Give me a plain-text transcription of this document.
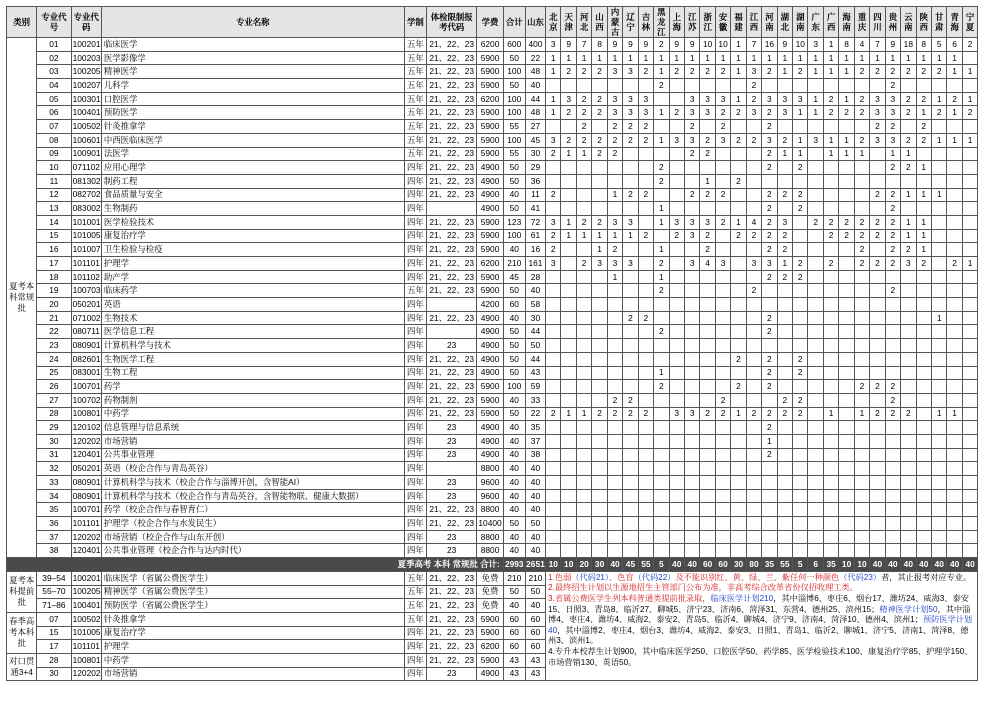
类别	专业代号	专业代码	专业名称	学制	体检限制报考代码	学费	合计	山东	北京	天津	河北	山西	内蒙古	辽宁	吉林	黑龙江	上海	江苏	浙江	安徽	福建	江西	河南	湖北	湖南	广东	广西	海南	重庆	四川	贵州	云南	陕西	甘肃	青海	宁夏
夏考本科常规批	01	100201	临床医学	五年	21、22、23	6200	600	400	3	9	7	8	9	9	9	2	9	9	10	10	1	7	16	9	10	3	1	8	4	7	9	18	8	5	6	2
	02	100203	医学影像学	五年	21、22、23	5900	50	22	1	1	1	1	1	1	1	1	1	1	1	1	1	1	1	1	1	1	1	1	1	1	1	1	1	1	1	
	03	100205	精神医学	五年	21、22、23	5900	100	48	1	2	2	2	3	3	2	1	2	2	2	2	1	3	2	1	2	1	1	1	2	2	2	2	2	2	1	1
	04	100207	儿科学	五年	21、22、23	5900	50	40								2						2									2					
	05	100301	口腔医学	五年	21、22、23	6200	100	44	1	3	2	2	3	3	3			3	3	3	1	2	3	3	3	1	2	1	2	3	3	2	2	1	2	1
	06	100401	预防医学	五年	21、22、23	5900	100	48	1	2	2	2	3	3	3	1	2	3	3	2	2	3	2	3	1	1	2	2	2	3	3	2	1	2	1	2
	07	100502	针灸推拿学	五年	21、22、23	5900	55	27			2		2	2	2			2		2			2							2	2		2			
	08	100601	中西医临床医学	五年	21、22、23	5900	100	45	3	2	2	2	2	2	2	1	3	3	2	3	2	2	3	2	1	3	1	1	2	3	3	2	2	1	1	1
	09	100901	法医学	五年	21、22、23	5900	55	30	2	1	1	2	2					2	2				2	1	1		1	1	1		1	1				
	10	071102	应用心理学	四年	21、22、23	4900	50	29								2							2		2						2	2	1			
	11	081302	制药工程	四年	21、22、23	4900	50	36								2			1		2															
	12	082702	食品质量与安全	四年	21、22、23	4900	40	11	2				1	2	2			2	2	2			2	2	2					2	2	1	1	1		
	13	083002	生物制药	四年		4900	50	41								1							2		2						2					
	14	101001	医学检验技术	四年	21、22、23	5900	123	72	3	1	2	2	3	3		1	3	3	3	2	1	4	2	3		2	2	2	2	2	2	1	1			
	15	101005	康复治疗学	四年	21、22、23	5900	100	61	2	1	1	1	1	1	2		2	3	2		2	2	2	2			2	2	2	2	2	1	1			
	16	101007	卫生检验与检疫	四年	21、22、23	5900	40	16	2			1	2			1			2				2	2					2		2	2	1			
	17	101101	护理学	四年	21、22、23	6200	210	161	3		2	3	3	3		2		3	4	3		3	3	1	2		2		2	2	2	3	2		2	1
	18	101102	助产学	四年	21、22、23	5900	45	28					1			1							2	2	2											
	19	100703	临床药学	五年	21、22、23	5900	50	40								2						2									2					
	20	050201	英语	四年		4200	60	58																												
	21	071002	生物技术	四年	21、22、23	4900	40	30						2	2								2											1		
	22	080711	医学信息工程	四年		4900	50	44								2							2													
	23	080901	计算机科学与技术	四年	23	4900	50	50																												
	24	082601	生物医学工程	四年	21、22、23	4900	50	44													2		2		2											
	25	083001	生物工程	四年	21、22、23	4900	50	43								1							2		2											
	26	100701	药学	四年	21、22、23	5900	100	59								2					2		2						2	2	2					
	27	100702	药物制剂	四年	21、22、23	5900	40	33					2	2						2				2	2						2					
	28	100801	中药学	四年	21、22、23	5900	50	22	2	1	1	2	2	2	2		3	3	2	2	1	2	2	2	2		1		1	2	2	2		1	1	
	29	120102	信息管理与信息系统	四年	23	4900	40	35															2													
	30	120202	市场营销	四年	23	4900	40	37															1													
	31	120401	公共事业管理	四年	23	4900	40	38															2													
	32	050201	英语（校企合作与青岛英谷）	四年		8800	40	40																												
	33	080901	计算机科学与技术（校企合作与淄博开创，含智能AI）	四年	23	9600	40	40																												
	34	080901	计算机科学与技术（校企合作与青岛英谷，含智能物联、健康大数据）	四年	23	9600	40	40																												
	35	100701	药学（校企合作与春智育仁）	四年	21、22、23	8800	40	40																												
	36	101101	护理学（校企合作与水发民生）	四年	21、22、23	10400	50	50																												
	37	120202	市场营销（校企合作与山东开创）	四年	23	8800	40	40																												
	38	120401	公共事业管理（校企合作与达内时代）	四年	23	8800	40	40																												
夏季高考 本科 常规批 合计:							2993	2651	10	10	20	30	40	45	55	5	40	40	60	60	30	80	35	55	5	6	35	10	10	40	40	40	40	40	40	40
夏考本科提前批	39–54	100201	临床医学（省属公费医学生）	五年	21、22、23	免费	210	210	1.色弱（代码21）、色盲（代码22）及不能识别红、黄、绿、兰、紫任何一种颜色（代码23）者，其止报考对应专业。
2.最终招生计划以生源地招生主管部门公布为准，非高考综合改革省份仅招收理工类。
3.省属公费医学生列本科普通类提前批录取，临床医学计划210，其中淄博6、枣庄6、烟台17、潍坊24、威海3、泰安15、日照3、青岛8、临沂27、聊城5、济宁23、济南6、菏泽31、东营4、德州25、滨州15；精神医学计划50，其中淄博4、枣庄4、潍坊4、威海2、泰安2、青岛5、临沂4、聊城4、济宁9、济南4、菏泽10、德州4、滨州1；预防医学计划40，其中淄博2、枣庄4、烟台3、潍坊4、威海2、泰安3、日照1、青岛1、临沂2、聊城1、济宁5、济南1、菏泽8、德州3、滨州1。
4.专升本校荐生计划900，其中临床医学250、口腔医学50、药学85、医学检验技术100、康复治疗学85、护理学150、市场营销130、英语50。																											
	55–70	100205	精神医学（省属公费医学生）	五年	21、22、23	免费	50	50																												
	71–86	100401	预防医学（省属公费医学生）	五年	21、22、23	免费	40	40																												
春季高考本科批	07	100502	针灸推拿学	五年	21、22、23	5900	60	60																												
	15	101005	康复治疗学	四年	21、22、23	5900	60	60																												
	17	101101	护理学	四年	21、22、23	6200	60	60																												
对口贯通3+4	28	100801	中药学	四年	21、22、23	5900	43	43																												
	30	120202	市场营销	四年	23	4900	43	43																												
